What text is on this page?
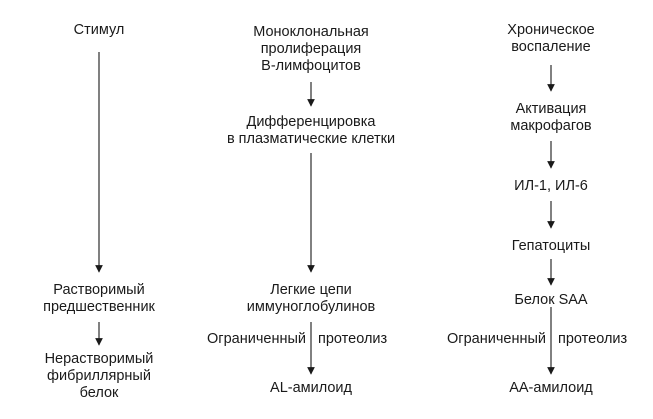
Стимул
Растворимый
предшественник
Нерастворимый
фибриллярный
белок
Моноклональная
пролиферация
B-лимфоцитов
Дифференцировка
в плазматические клетки
Легкие цепи
иммуноглобулинов
Ограниченный протеолиз
AL-амилоид
Хроническое
воспаление
Активация
макрофагов
ИЛ-1, ИЛ-6
Гепатоциты
Белок SAA
Ограниченный протеолиз
AA-амилоид
